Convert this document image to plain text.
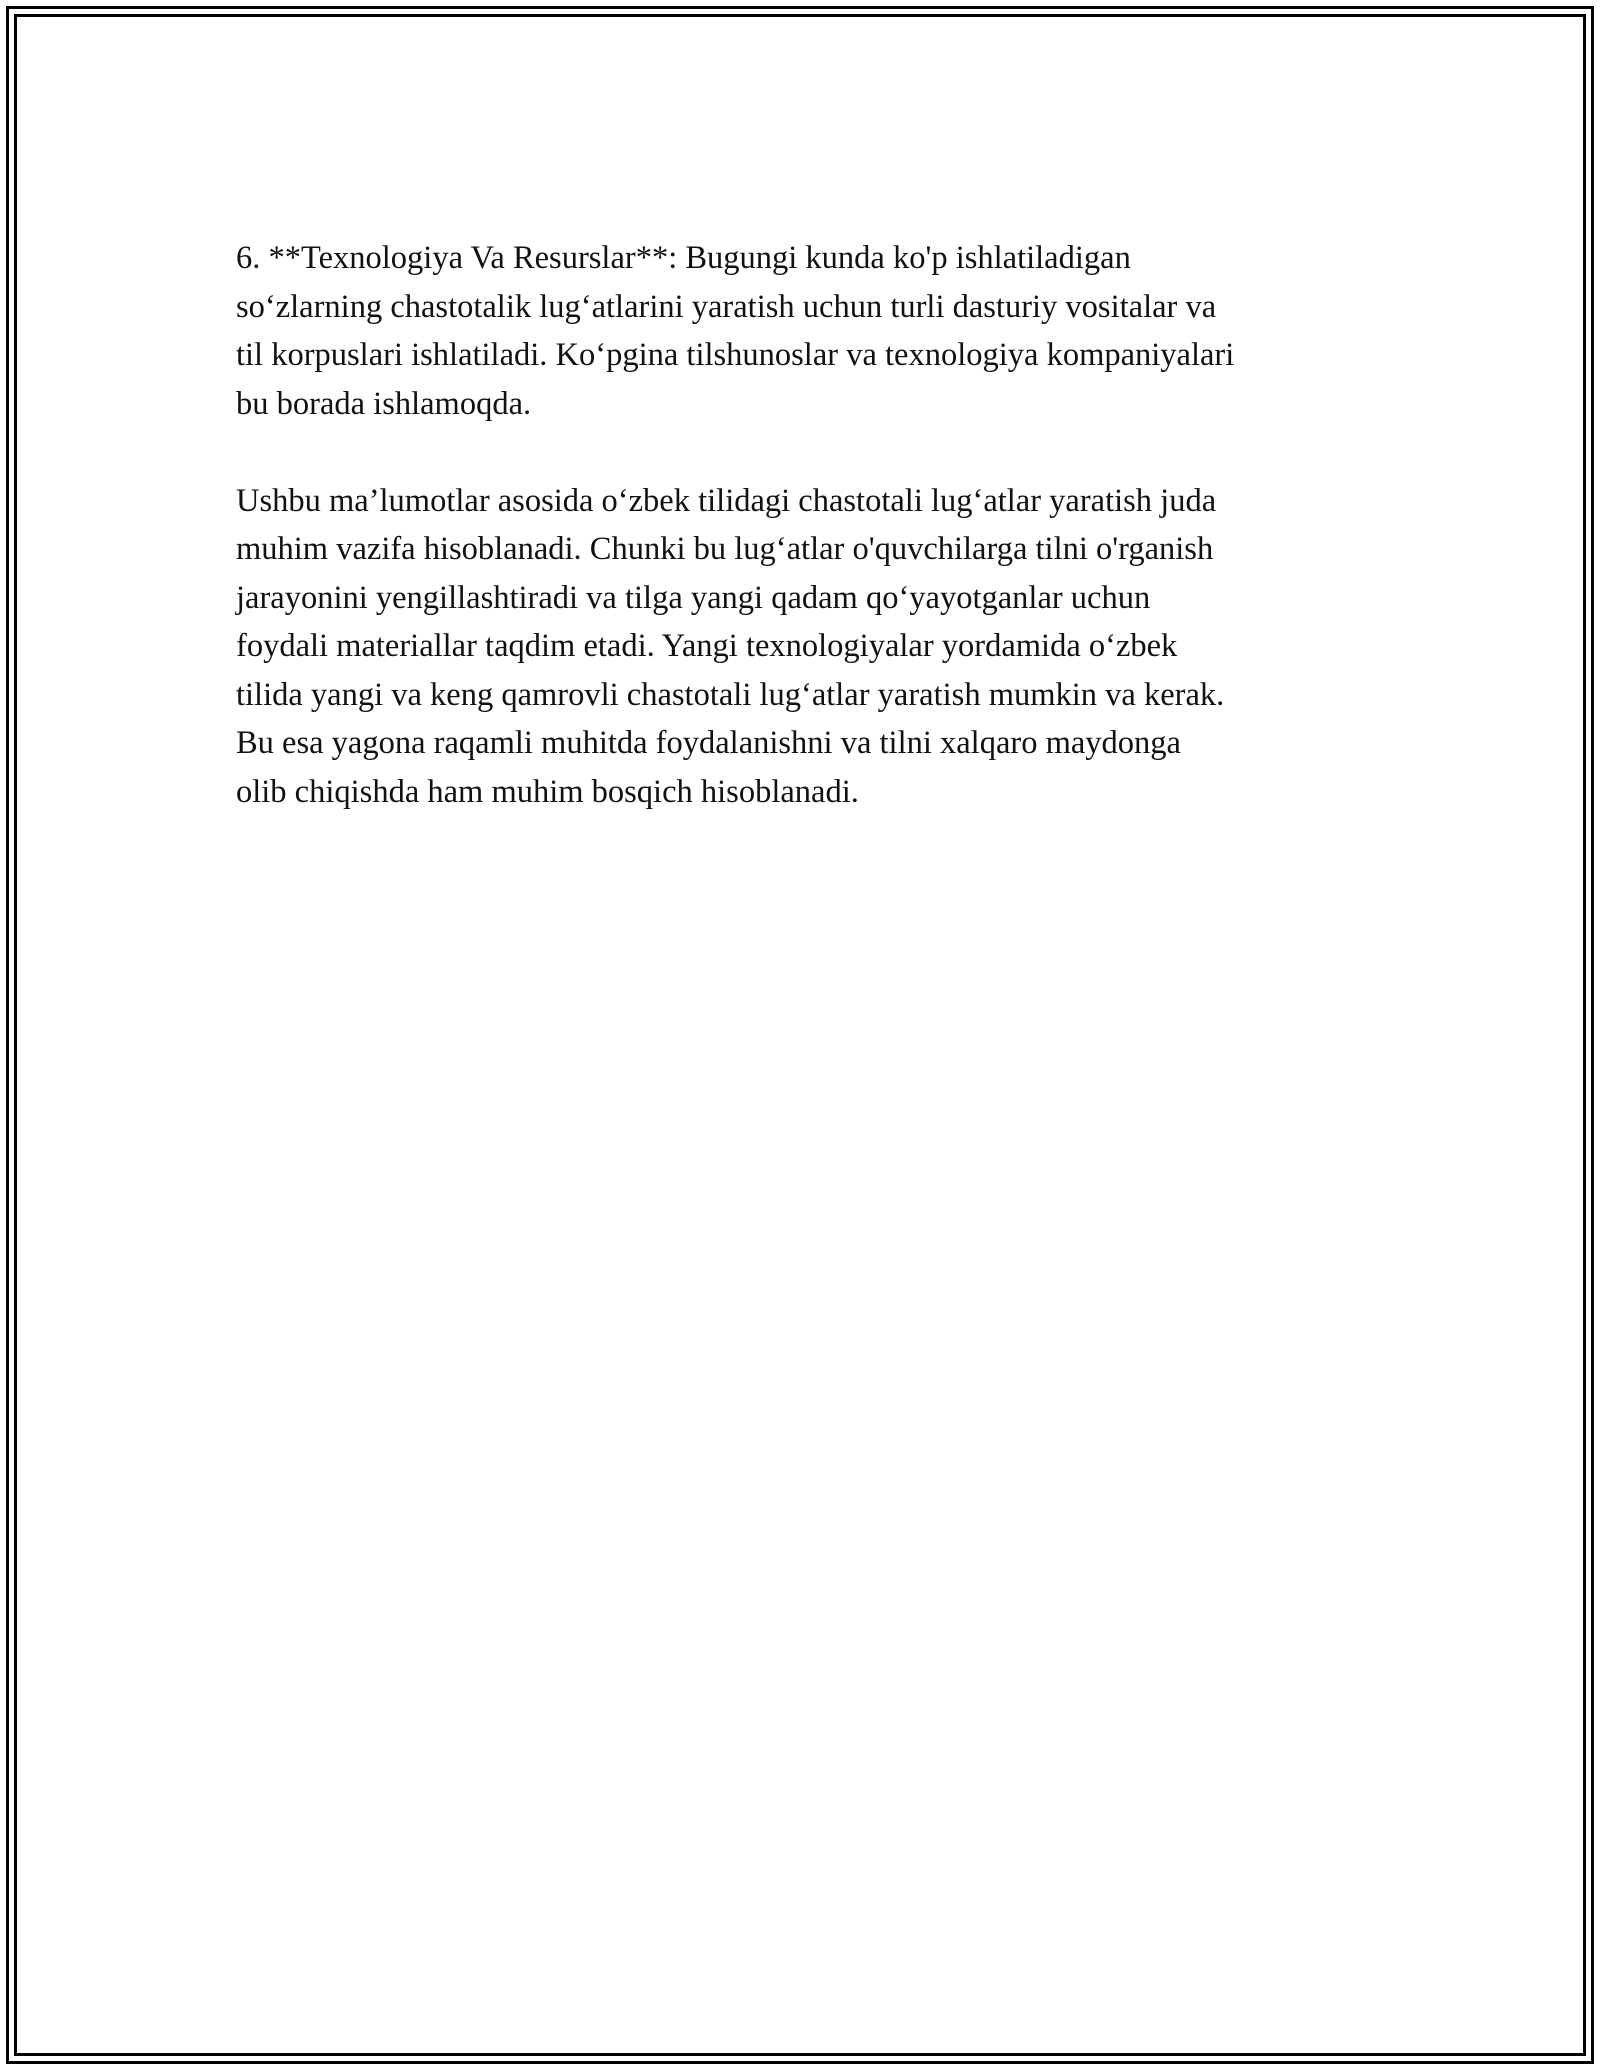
6. **Texnologiya Va Resurslar**: Bugungi kunda ko'p ishlatiladigan
so‘zlarning chastotalik lug‘atlarini yaratish uchun turli dasturiy vositalar va
til korpuslari ishlatiladi. Ko‘pgina tilshunoslar va texnologiya kompaniyalari
bu borada ishlamoqda.
Ushbu ma’lumotlar asosida o‘zbek tilidagi chastotali lug‘atlar yaratish juda
muhim vazifa hisoblanadi. Chunki bu lug‘atlar o'quvchilarga tilni o'rganish
jarayonini yengillashtiradi va tilga yangi qadam qo‘yayotganlar uchun
foydali materiallar taqdim etadi. Yangi texnologiyalar yordamida o‘zbek
tilida yangi va keng qamrovli chastotali lug‘atlar yaratish mumkin va kerak.
Bu esa yagona raqamli muhitda foydalanishni va tilni xalqaro maydonga
olib chiqishda ham muhim bosqich hisoblanadi.
